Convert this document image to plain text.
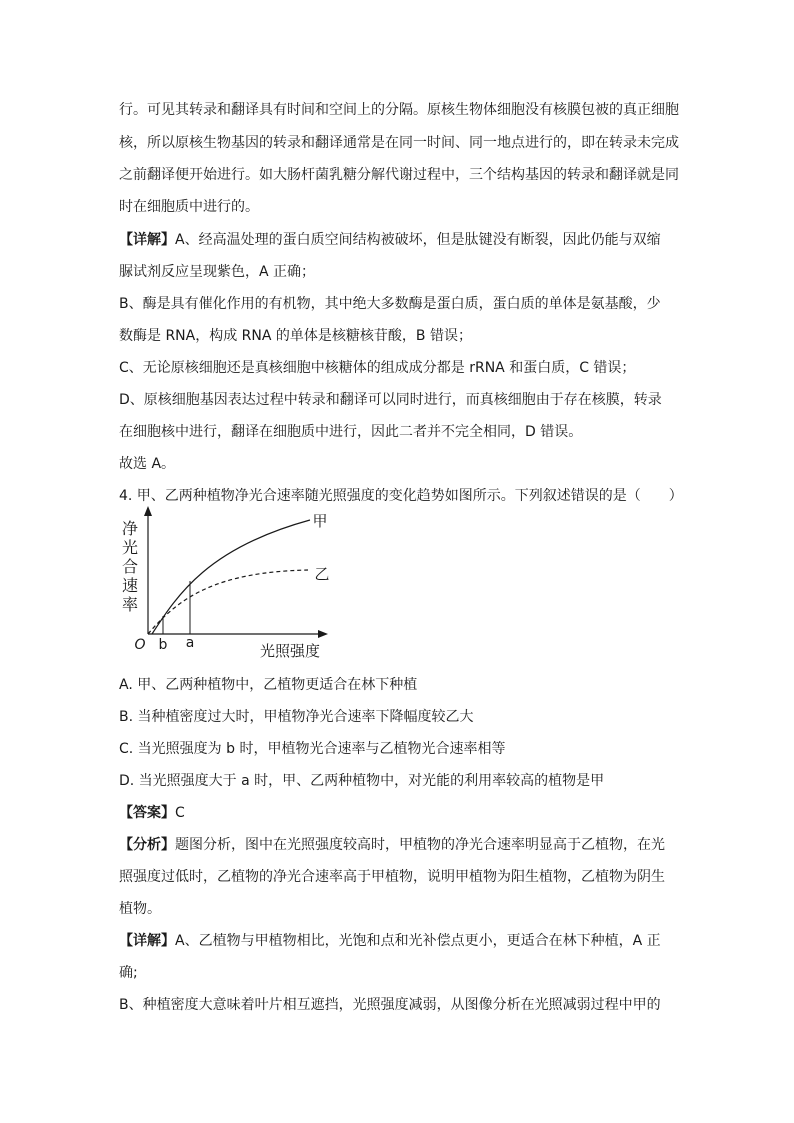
行。可见其转录和翻译具有时间和空间上的分隔。原核生物体细胞没有核膜包被的真正细胞
核，所以原核生物基因的转录和翻译通常是在同一时间、同一地点进行的，即在转录未完成
之前翻译便开始进行。如大肠杆菌乳糖分解代谢过程中，三个结构基因的转录和翻译就是同
时在细胞质中进行的。
【详解】A、经高温处理的蛋白质空间结构被破坏，但是肽键没有断裂，因此仍能与双缩
脲试剂反应呈现紫色，A 正确；
B、酶是具有催化作用的有机物，其中绝大多数酶是蛋白质，蛋白质的单体是氨基酸，少
数酶是 RNA，构成 RNA 的单体是核糖核苷酸，B 错误；
C、无论原核细胞还是真核细胞中核糖体的组成成分都是 rRNA 和蛋白质，C 错误；
D、原核细胞基因表达过程中转录和翻译可以同时进行，而真核细胞由于存在核膜，转录
在细胞核中进行，翻译在细胞质中进行，因此二者并不完全相同，D 错误。
故选 A。
4. 甲、乙两种植物净光合速率随光照强度的变化趋势如图所示。下列叙述错误的是（　　）
净
光
合
速
率
O b a	光照强度
甲
乙
A. 甲、乙两种植物中，乙植物更适合在林下种植
B. 当种植密度过大时，甲植物净光合速率下降幅度较乙大
C. 当光照强度为 b 时，甲植物光合速率与乙植物光合速率相等
D. 当光照强度大于 a 时，甲、乙两种植物中，对光能的利用率较高的植物是甲
【答案】C
【分析】题图分析，图中在光照强度较高时，甲植物的净光合速率明显高于乙植物，在光
照强度过低时，乙植物的净光合速率高于甲植物，说明甲植物为阳生植物，乙植物为阴生
植物。
【详解】A、乙植物与甲植物相比，光饱和点和光补偿点更小，更适合在林下种植，A 正
确;
B、种植密度大意味着叶片相互遮挡，光照强度减弱，从图像分析在光照减弱过程中甲的
